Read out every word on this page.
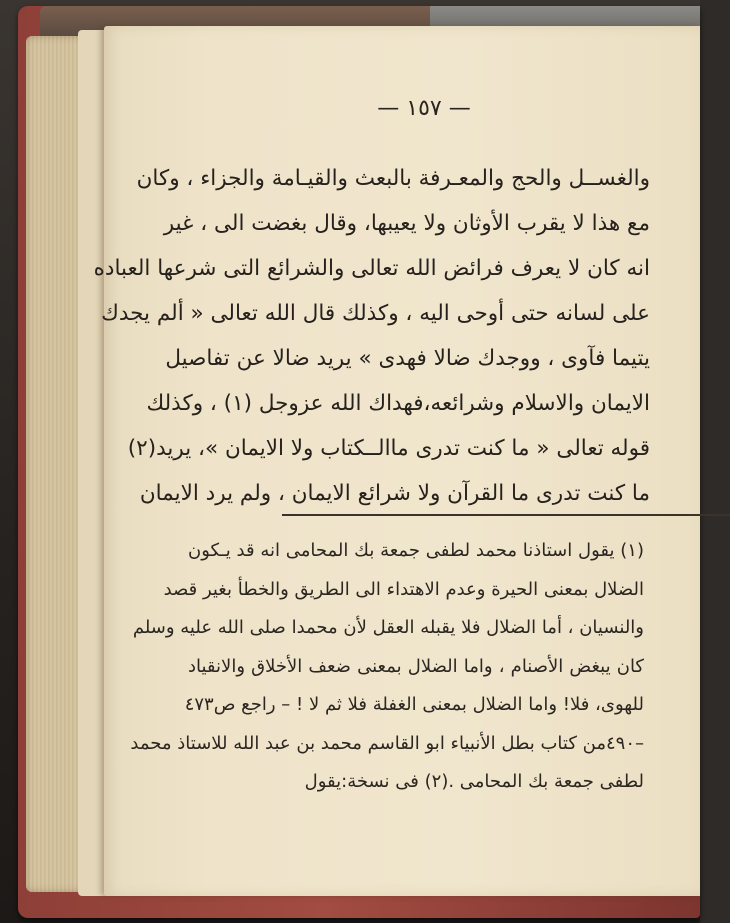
— ١٥٧ —
والغســل والحج والمعـرفة بالبعث والقيـامة والجزاء ، وكان
مع هذا لا يقرب الأوثان ولا يعيبها، وقال بغضت الى ، غير
انه كان لا يعرف فرائض الله تعالى والشرائع التى شرعها العباده
على لسانه حتى أوحى اليه ، وكذلك قال الله تعالى « ألم يجدك
يتيما فآوى ، ووجدك ضالا فهدى » يريد ضالا عن تفاصيل
الايمان والاسلام وشرائعه،فهداك الله عزوجل (١) ، وكذلك
قوله تعالى « ما كنت تدرى ماالــكتاب ولا الايمان »، يريد(٢)
ما كنت تدرى ما القرآن ولا شرائع الايمان ، ولم يرد الايمان
(١) يقول استاذنا محمد لطفى جمعة بك المحامى انه قد يـكون
الضلال بمعنى الحيرة وعدم الاهتداء الى الطريق والخطأ بغير قصد
والنسيان ، أما الضلال فلا يقبله العقل لأن محمدا صلى الله عليه وسلم
كان يبغض الأصنام ، واما الضلال بمعنى ضعف الأخلاق والانقياد
للهوى، فلا! واما الضلال بمعنى الغفلة فلا ثم لا ! – راجع ص٤٧٣
–٤٩٠من كتاب بطل الأنبياء ابو القاسم محمد بن عبد الله للاستاذ محمد
لطفى جمعة بك المحامى .(٢) فى نسخة:يقول
